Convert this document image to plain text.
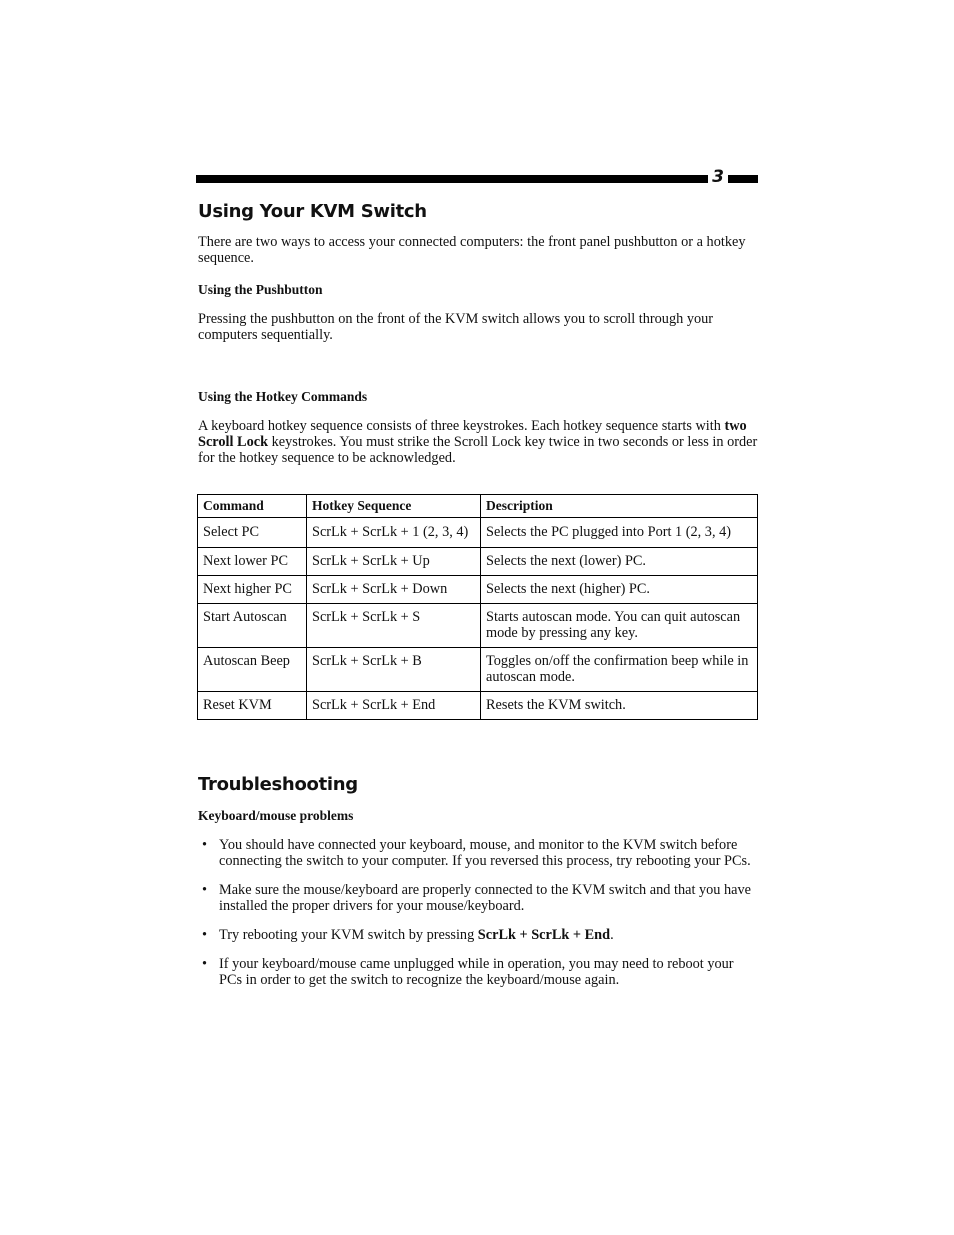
3
Using Your KVM Switch

There are two ways to access your connected computers: the front panel pushbutton or a hotkey sequence.

Using the Pushbutton

Pressing the pushbutton on the front of the KVM switch allows you to scroll through your computers sequentially.

Using the Hotkey Commands

A keyboard hotkey sequence consists of three keystrokes. Each hotkey sequence starts with two Scroll Lock keystrokes. You must strike the Scroll Lock key twice in two seconds or less in order for the hotkey sequence to be acknowledged.

Command	Hotkey Sequence	Description
Select PC	ScrLk + ScrLk + 1 (2, 3, 4)	Selects the PC plugged into Port 1 (2, 3, 4)
Next lower PC	ScrLk + ScrLk + Up	Selects the next (lower) PC.
Next higher PC	ScrLk + ScrLk + Down	Selects the next (higher) PC.
Start Autoscan	ScrLk + ScrLk + S	Starts autoscan mode. You can quit autoscan mode by pressing any key.
Autoscan Beep	ScrLk + ScrLk + B	Toggles on/off the confirmation beep while in autoscan mode.
Reset KVM	ScrLk + ScrLk + End	Resets the KVM switch.
Troubleshooting
Keyboard/mouse problems
• You should have connected your keyboard, mouse, and monitor to the KVM switch before connecting the switch to your computer. If you reversed this process, try rebooting your PCs.
• Make sure the mouse/keyboard are properly connected to the KVM switch and that you have installed the proper drivers for your mouse/keyboard.
• Try rebooting your KVM switch by pressing ScrLk + ScrLk + End.
• If your keyboard/mouse came unplugged while in operation, you may need to reboot your PCs in order to get the switch to recognize the keyboard/mouse again.
